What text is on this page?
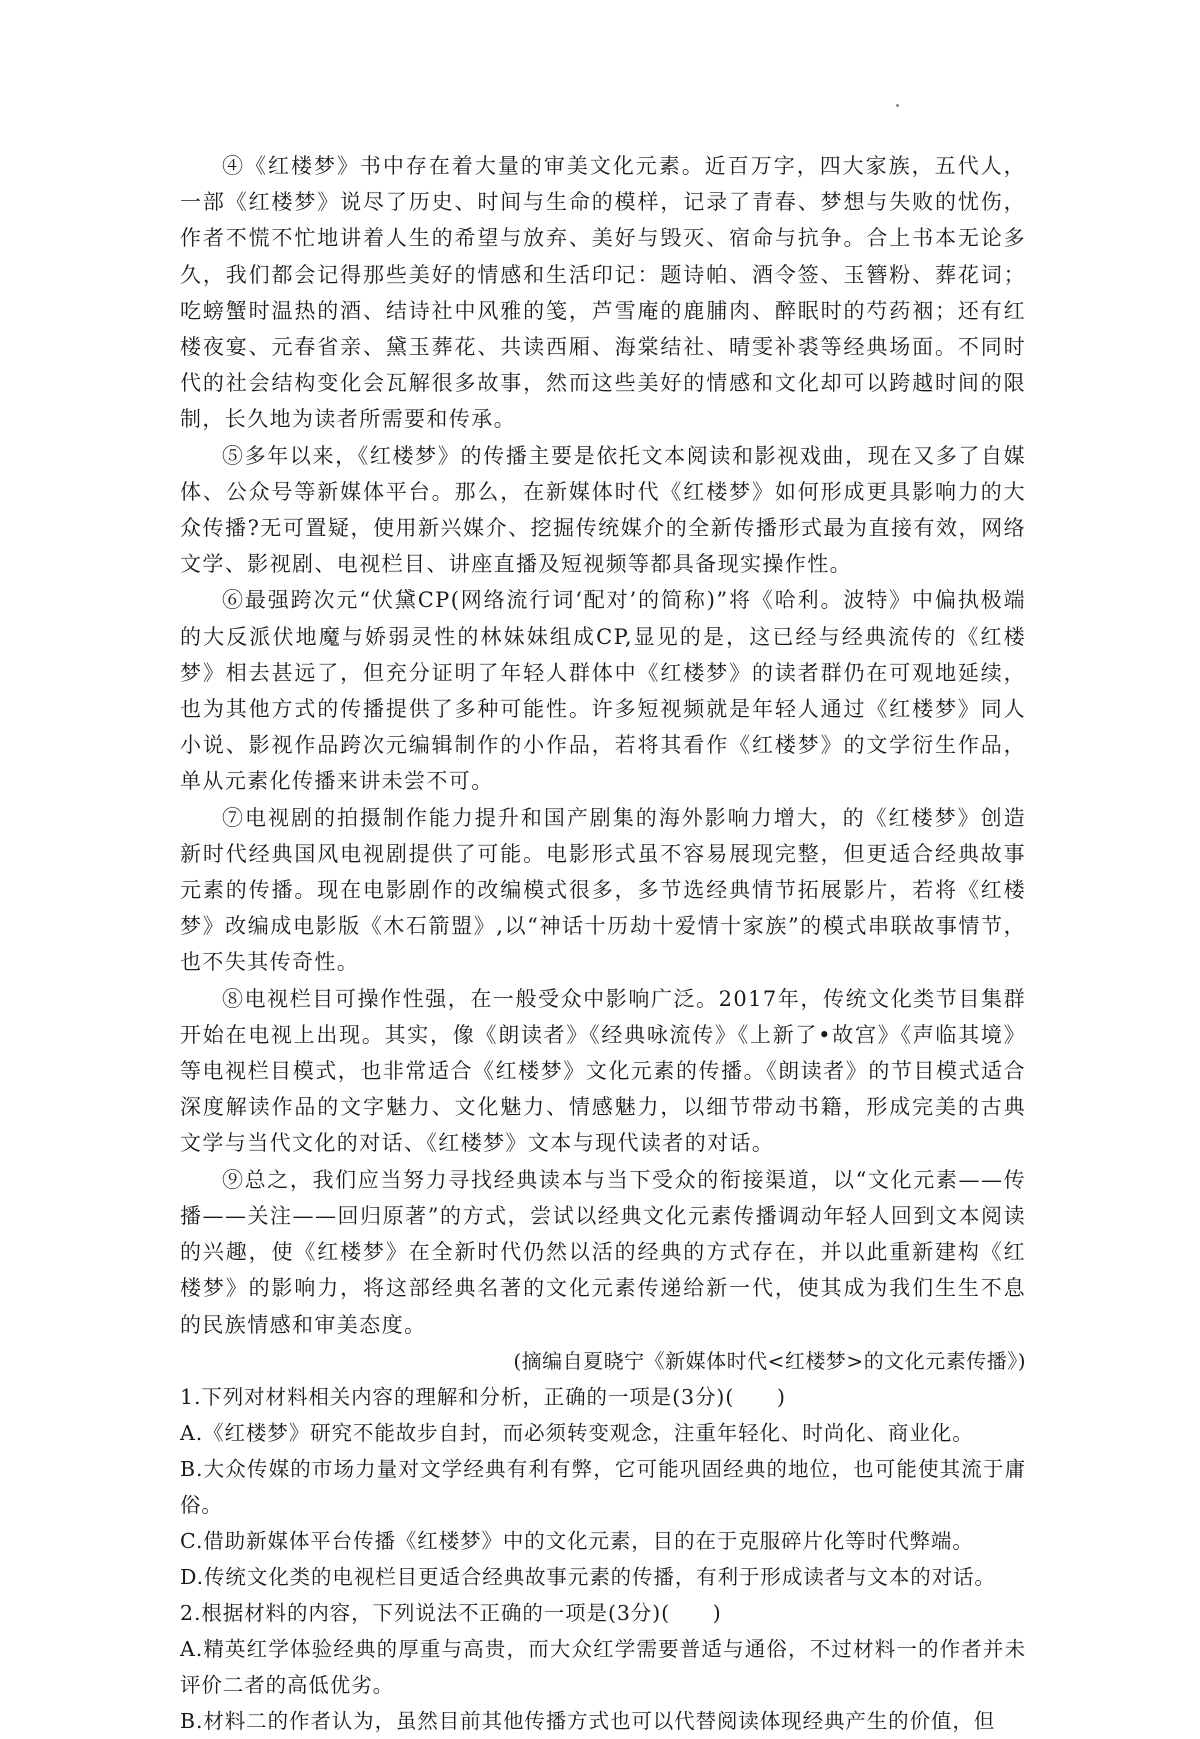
④《红楼梦》书中存在着大量的审美文化元素。近百万字，四大家族，五代人，一部《红楼梦》说尽了历史、时间与生命的模样，记录了青春、梦想与失败的忧伤，作者不慌不忙地讲着人生的希望与放弃、美好与毁灭、宿命与抗争。合上书本无论多久，我们都会记得那些美好的情感和生活印记：题诗帕、酒令签、玉簪粉、葬花词；吃螃蟹时温热的酒、结诗社中风雅的笺，芦雪庵的鹿脯肉、醉眠时的芍药裀；还有红楼夜宴、元春省亲、黛玉葬花、共读西厢、海棠结社、晴雯补裘等经典场面。不同时代的社会结构变化会瓦解很多故事，然而这些美好的情感和文化却可以跨越时间的限制，长久地为读者所需要和传承。

⑤多年以来，《红楼梦》的传播主要是依托文本阅读和影视戏曲，现在又多了自媒体、公众号等新媒体平台。那么，在新媒体时代《红楼梦》如何形成更具影响力的大众传播?无可置疑，使用新兴媒介、挖掘传统媒介的全新传播形式最为直接有效，网络文学、影视剧、电视栏目、讲座直播及短视频等都具备现实操作性。

⑥最强跨次元“伏黛CP(网络流行词‘配对’的简称)”将《哈利。波特》中偏执极端的大反派伏地魔与娇弱灵性的林妹妹组成CP,显见的是，这已经与经典流传的《红楼梦》相去甚远了，但充分证明了年轻人群体中《红楼梦》的读者群仍在可观地延续，也为其他方式的传播提供了多种可能性。许多短视频就是年轻人通过《红楼梦》同人小说、影视作品跨次元编辑制作的小作品，若将其看作《红楼梦》的文学衍生作品，单从元素化传播来讲未尝不可。

⑦电视剧的拍摄制作能力提升和国产剧集的海外影响力增大，的《红楼梦》创造新时代经典国风电视剧提供了可能。电影形式虽不容易展现完整，但更适合经典故事元素的传播。现在电影剧作的改编模式很多，多节选经典情节拓展影片，若将《红楼梦》改编成电影版《木石箭盟》,以“神话十历劫十爱情十家族”的模式串联故事情节，也不失其传奇性。

⑧电视栏目可操作性强，在一般受众中影响广泛。2017年，传统文化类节目集群开始在电视上出现。其实，像《朗读者》《经典咏流传》《上新了•故宫》《声临其境》等电视栏目模式，也非常适合《红楼梦》文化元素的传播。《朗读者》的节目模式适合深度解读作品的文字魅力、文化魅力、情感魅力，以细节带动书籍，形成完美的古典文学与当代文化的对话、《红楼梦》文本与现代读者的对话。

⑨总之，我们应当努力寻找经典读本与当下受众的衔接渠道，以“文化元素——传播——关注——回归原著”的方式，尝试以经典文化元素传播调动年轻人回到文本阅读的兴趣，使《红楼梦》在全新时代仍然以活的经典的方式存在，并以此重新建构《红楼梦》的影响力，将这部经典名著的文化元素传递给新一代，使其成为我们生生不息的民族情感和审美态度。

(摘编自夏晓宁《新媒体时代<红楼梦>的文化元素传播》)

1.下列对材料相关内容的理解和分析，正确的一项是(3分)(　　)

A.《红楼梦》研究不能故步自封，而必须转变观念，注重年轻化、时尚化、商业化。

B.大众传媒的市场力量对文学经典有利有弊，它可能巩固经典的地位，也可能使其流于庸俗。

C.借助新媒体平台传播《红楼梦》中的文化元素，目的在于克服碎片化等时代弊端。

D.传统文化类的电视栏目更适合经典故事元素的传播，有利于形成读者与文本的对话。

2.根据材料的内容，下列说法不正确的一项是(3分)(　　)

A.精英红学体验经典的厚重与高贵，而大众红学需要普适与通俗，不过材料一的作者并未评价二者的高低优劣。

B.材料二的作者认为，虽然目前其他传播方式也可以代替阅读体现经典产生的价值，但
